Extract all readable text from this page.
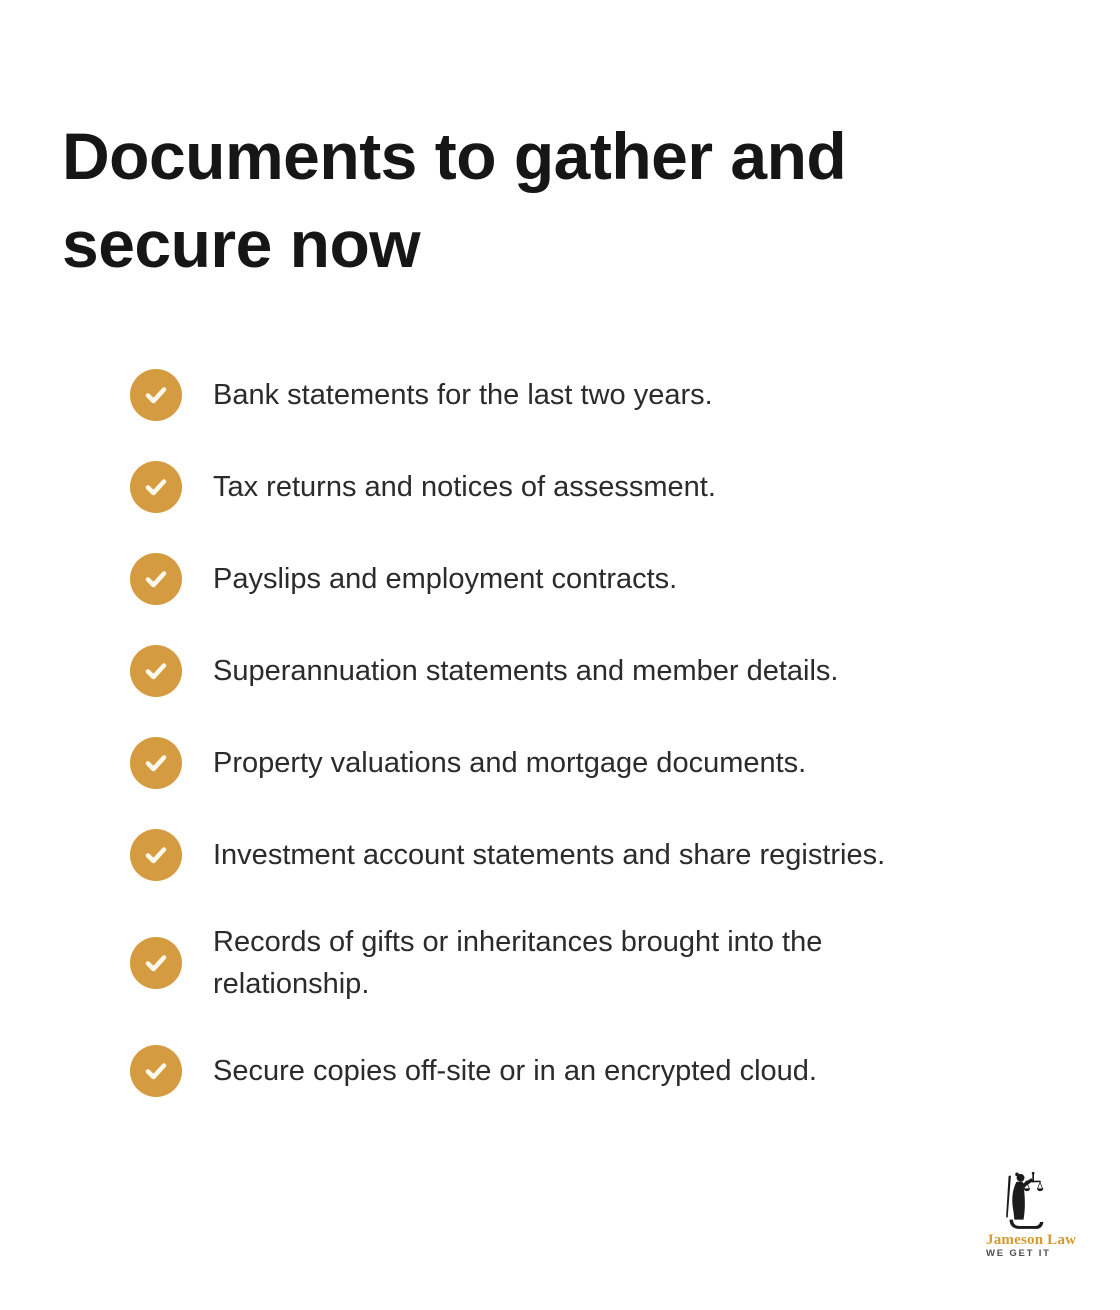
Documents to gather and secure now
Bank statements for the last two years.
Tax returns and notices of assessment.
Payslips and employment contracts.
Superannuation statements and member details.
Property valuations and mortgage documents.
Investment account statements and share registries.
Records of gifts or inheritances brought into the relationship.
Secure copies off-site or in an encrypted cloud.
Jameson Law
WE GET IT
